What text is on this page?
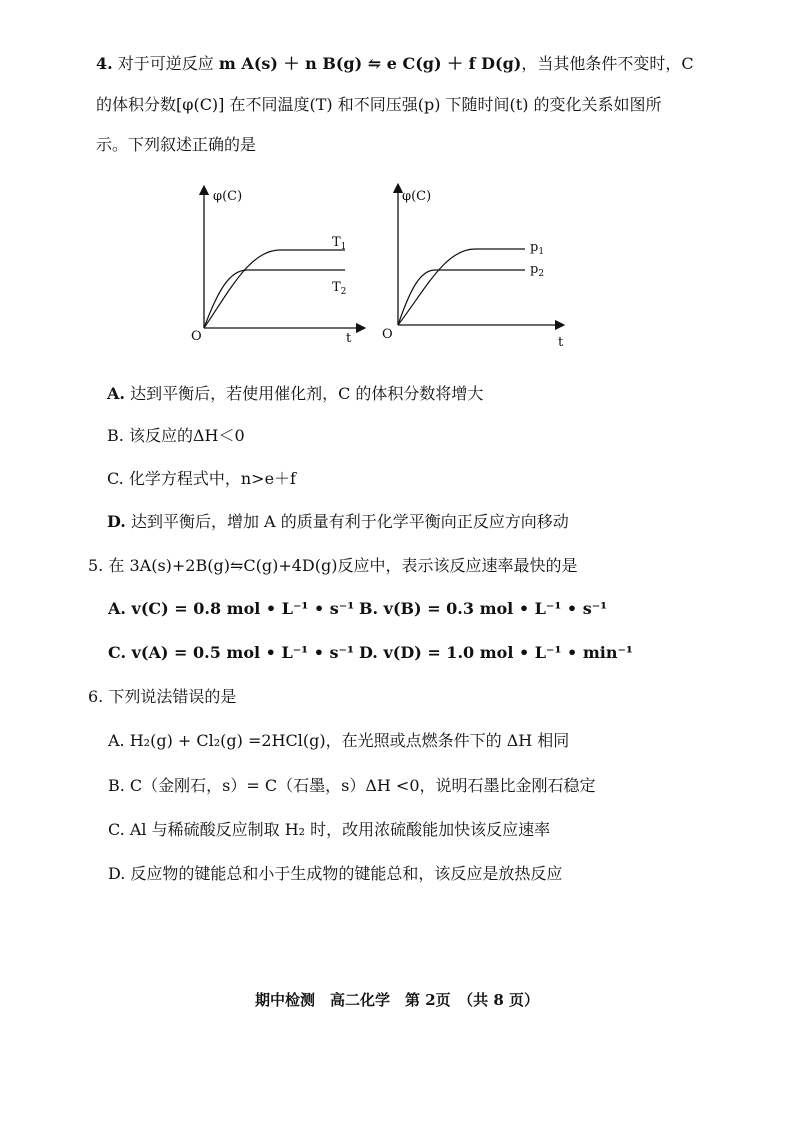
4. 对于可逆反应 m A(s) ＋ n B(g) ⇋ e C(g) ＋ f D(g)，当其他条件不变时，C
的体积分数[φ(C)] 在不同温度(T) 和不同压强(p) 下随时间(t) 的变化关系如图所
示。下列叙述正确的是
φ(C)
O	t
$T_1$
$T_2$
φ(C)
O
t
$p_1$
$p_2$
A. 达到平衡后，若使用催化剂，C 的体积分数将增大
B. 该反应的ΔH＜0
C. 化学方程式中，n>e＋f
D. 达到平衡后，增加 A 的质量有利于化学平衡向正反应方向移动
5. 在 3A(s)+2B(g)⇋C(g)+4D(g)反应中，表示该反应速率最快的是
A. v(C) = 0.8 mol • L⁻¹ • s⁻¹ B. v(B) = 0.3 mol • L⁻¹ • s⁻¹
C. v(A) = 0.5 mol • L⁻¹ • s⁻¹ D. v(D) = 1.0 mol • L⁻¹ • min⁻¹
6. 下列说法错误的是
A. H₂(g) + Cl₂(g) =2HCl(g)，在光照或点燃条件下的 ΔH 相同
B. C（金刚石，s）= C（石墨，s）ΔH <0，说明石墨比金刚石稳定
C. Al 与稀硫酸反应制取 H₂ 时，改用浓硫酸能加快该反应速率
D. 反应物的键能总和小于生成物的键能总和，该反应是放热反应
期中检测　高二化学　第 2页　（共 8 页）
